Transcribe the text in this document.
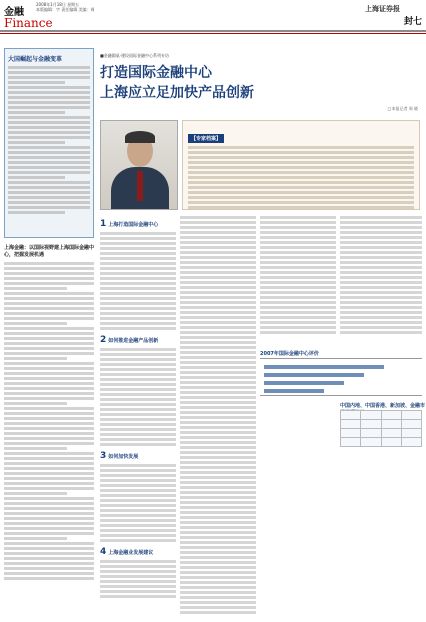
金融
2008年1月18日 星期五
本版编辑：宇 责任编辑 美编：周
Finance
上海证券报
封七
大国崛起与金融变革
上海金融：以国际视野建上海国际金融中心，把握发展机遇
■金融圆桌·建设国际金融中心系列专访
打造国际金融中心
上海应立足加快产品创新
□本报记者 周 晓
【专家档案】
1 上海打造国际金融中心
2 如何推进金融产品创新
3 如何加快发展
4 上海金融业发展建议
2007年国际金融中心评价
中国内地、中国香港、新加坡、金融市
